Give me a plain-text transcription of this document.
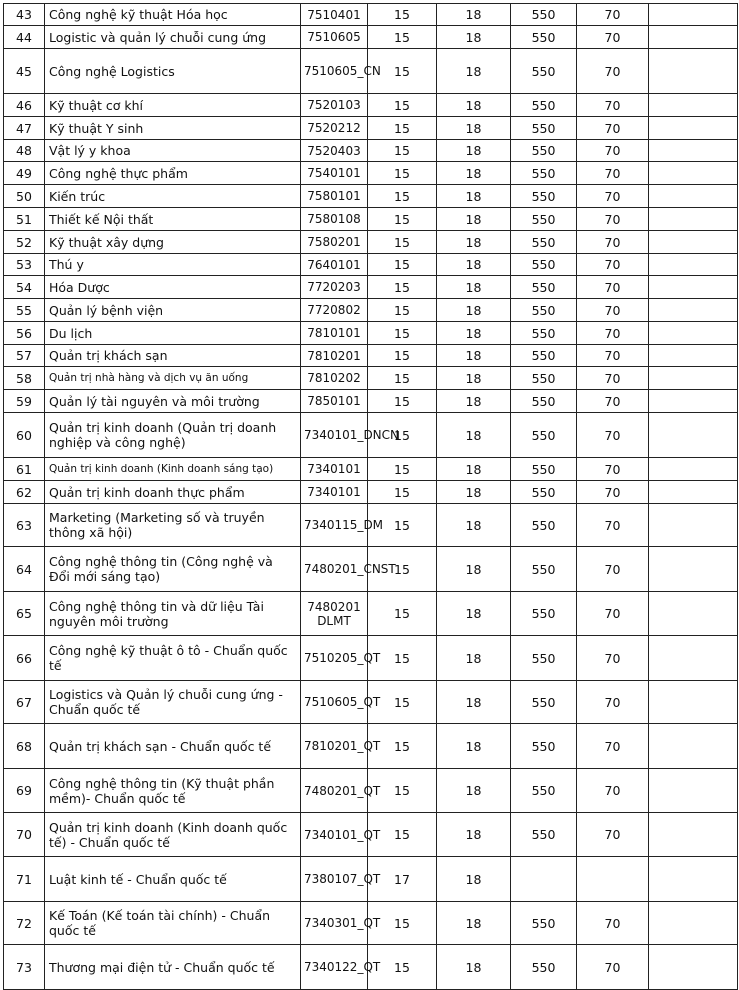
43	Công nghệ kỹ thuật Hóa học	7510401	15	18	550	70	
44	Logistic và quản lý chuỗi cung ứng	7510605	15	18	550	70	
45	Công nghệ Logistics	7510605_CN	15	18	550	70	
46	Kỹ thuật cơ khí	7520103	15	18	550	70	
47	Kỹ thuật Y sinh	7520212	15	18	550	70	
48	Vật lý y khoa	7520403	15	18	550	70	
49	Công nghệ thực phẩm	7540101	15	18	550	70	
50	Kiến trúc	7580101	15	18	550	70	
51	Thiết kế Nội thất	7580108	15	18	550	70	
52	Kỹ thuật xây dựng	7580201	15	18	550	70	
53	Thú y	7640101	15	18	550	70	
54	Hóa Dược	7720203	15	18	550	70	
55	Quản lý bệnh viện	7720802	15	18	550	70	
56	Du lịch	7810101	15	18	550	70	
57	Quản trị khách sạn	7810201	15	18	550	70	
58	Quản trị nhà hàng và dịch vụ ăn uống	7810202	15	18	550	70	
59	Quản lý tài nguyên và môi trường	7850101	15	18	550	70	
60	Quản trị kinh doanh (Quản trị doanh nghiệp và công nghệ)	7340101_DNCN	15	18	550	70	
61	Quản trị kinh doanh (Kinh doanh sáng tạo)	7340101	15	18	550	70	
62	Quản trị kinh doanh thực phẩm	7340101	15	18	550	70	
63	Marketing (Marketing số và truyền thông xã hội)	7340115_DM	15	18	550	70	
64	Công nghệ thông tin (Công nghệ và Đổi mới sáng tạo)	7480201_CNST	15	18	550	70	
65	Công nghệ thông tin và dữ liệu Tài nguyên môi trường	7480201 DLMT	15	18	550	70	
66	Công nghệ kỹ thuật ô tô - Chuẩn quốc tế	7510205_QT	15	18	550	70	
67	Logistics và Quản lý chuỗi cung ứng - Chuẩn quốc tế	7510605_QT	15	18	550	70	
68	Quản trị khách sạn - Chuẩn quốc tế	7810201_QT	15	18	550	70	
69	Công nghệ thông tin (Kỹ thuật phần mềm)- Chuẩn quốc tế	7480201_QT	15	18	550	70	
70	Quản trị kinh doanh (Kinh doanh quốc tế) - Chuẩn quốc tế	7340101_QT	15	18	550	70	
71	Luật kinh tế - Chuẩn quốc tế	7380107_QT	17	18			
72	Kế Toán (Kế toán tài chính) - Chuẩn quốc tế	7340301_QT	15	18	550	70	
73	Thương mại điện tử - Chuẩn quốc tế	7340122_QT	15	18	550	70	
